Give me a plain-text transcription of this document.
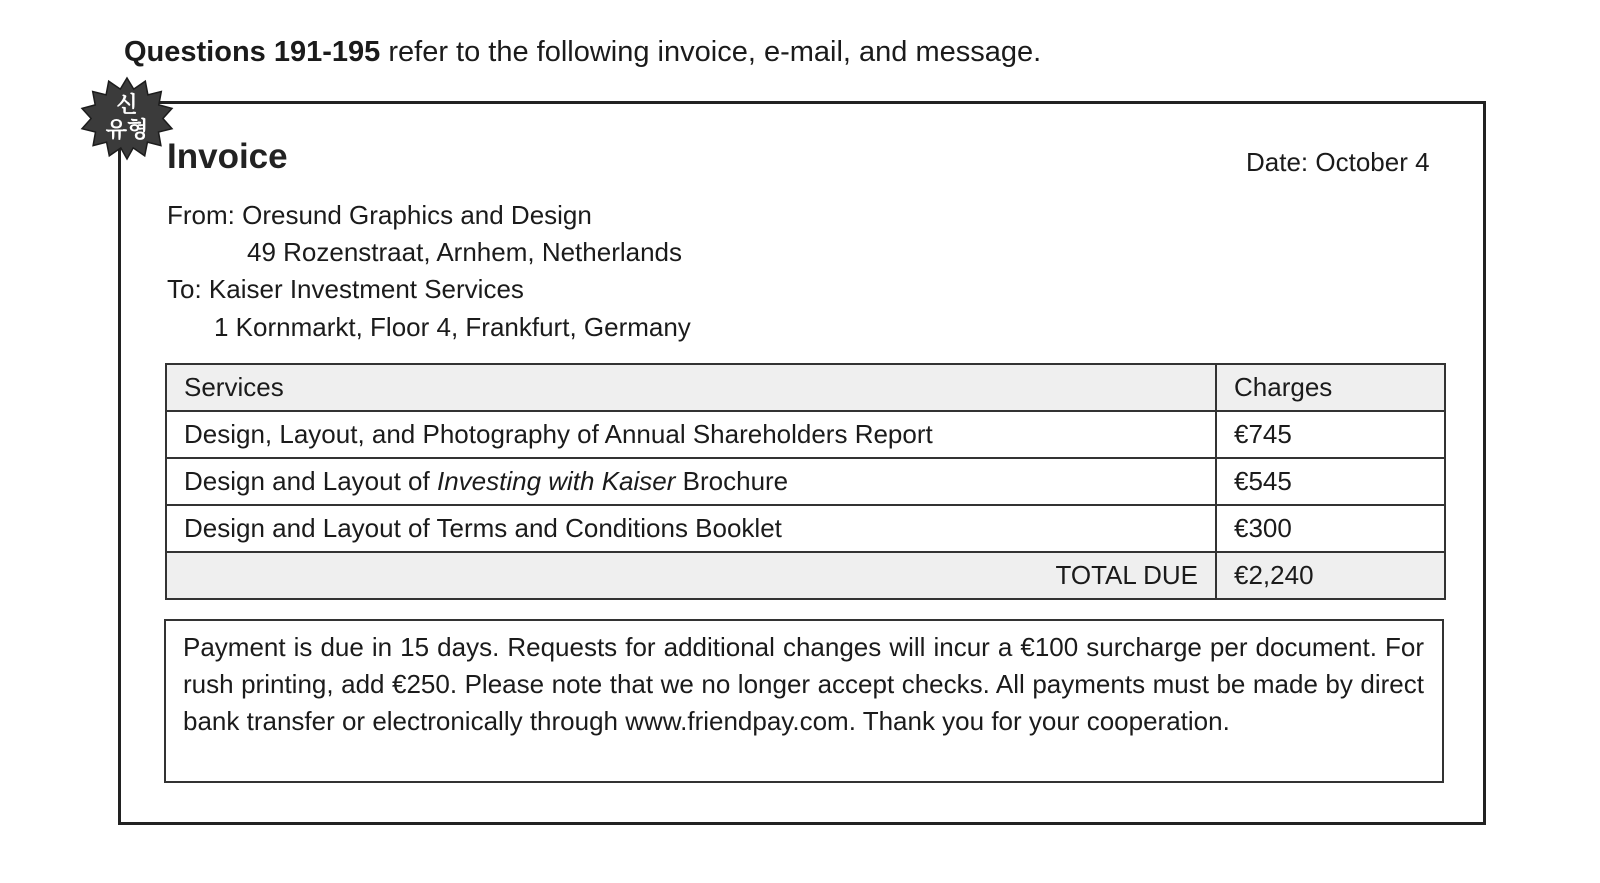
Questions 191-195 refer to the following invoice, e-mail, and message.
신
유형
Invoice	Date: October 4
From: Oresund Graphics and Design
49 Rozenstraat, Arnhem, Netherlands
To: Kaiser Investment Services
1 Kornmarkt, Floor 4, Frankfurt, Germany
Services	Charges
Design, Layout, and Photography of Annual Shareholders Report	€745
Design and Layout of Investing with Kaiser Brochure	€545
Design and Layout of Terms and Conditions Booklet	€300
TOTAL DUE	€2,240
Payment is due in 15 days. Requests for additional changes will incur a €100 surcharge per document. For rush printing, add €250. Please note that we no longer accept checks. All payments must be made by direct bank transfer or electronically through www.friendpay.com. Thank you for your cooperation.
